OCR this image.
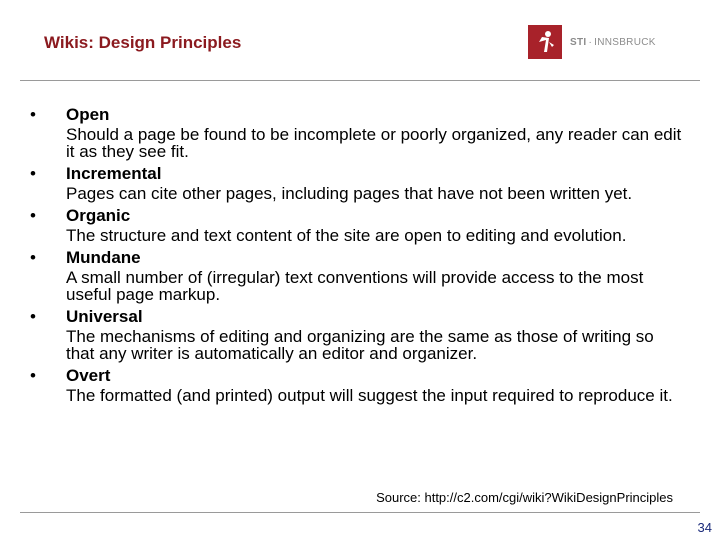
Wikis: Design Principles	STI · INNSBRUCK
• Open
Should a page be found to be incomplete or poorly organized, any reader can edit it as they see fit.
• Incremental
Pages can cite other pages, including pages that have not been written yet.
• Organic
The structure and text content of the site are open to editing and evolution.
• Mundane
A small number of (irregular) text conventions will provide access to the most useful page markup.
• Universal
The mechanisms of editing and organizing are the same as those of writing so that any writer is automatically an editor and organizer.
• Overt
The formatted (and printed) output will suggest the input required to reproduce it.
Source: http://c2.com/cgi/wiki?WikiDesignPrinciples
34
